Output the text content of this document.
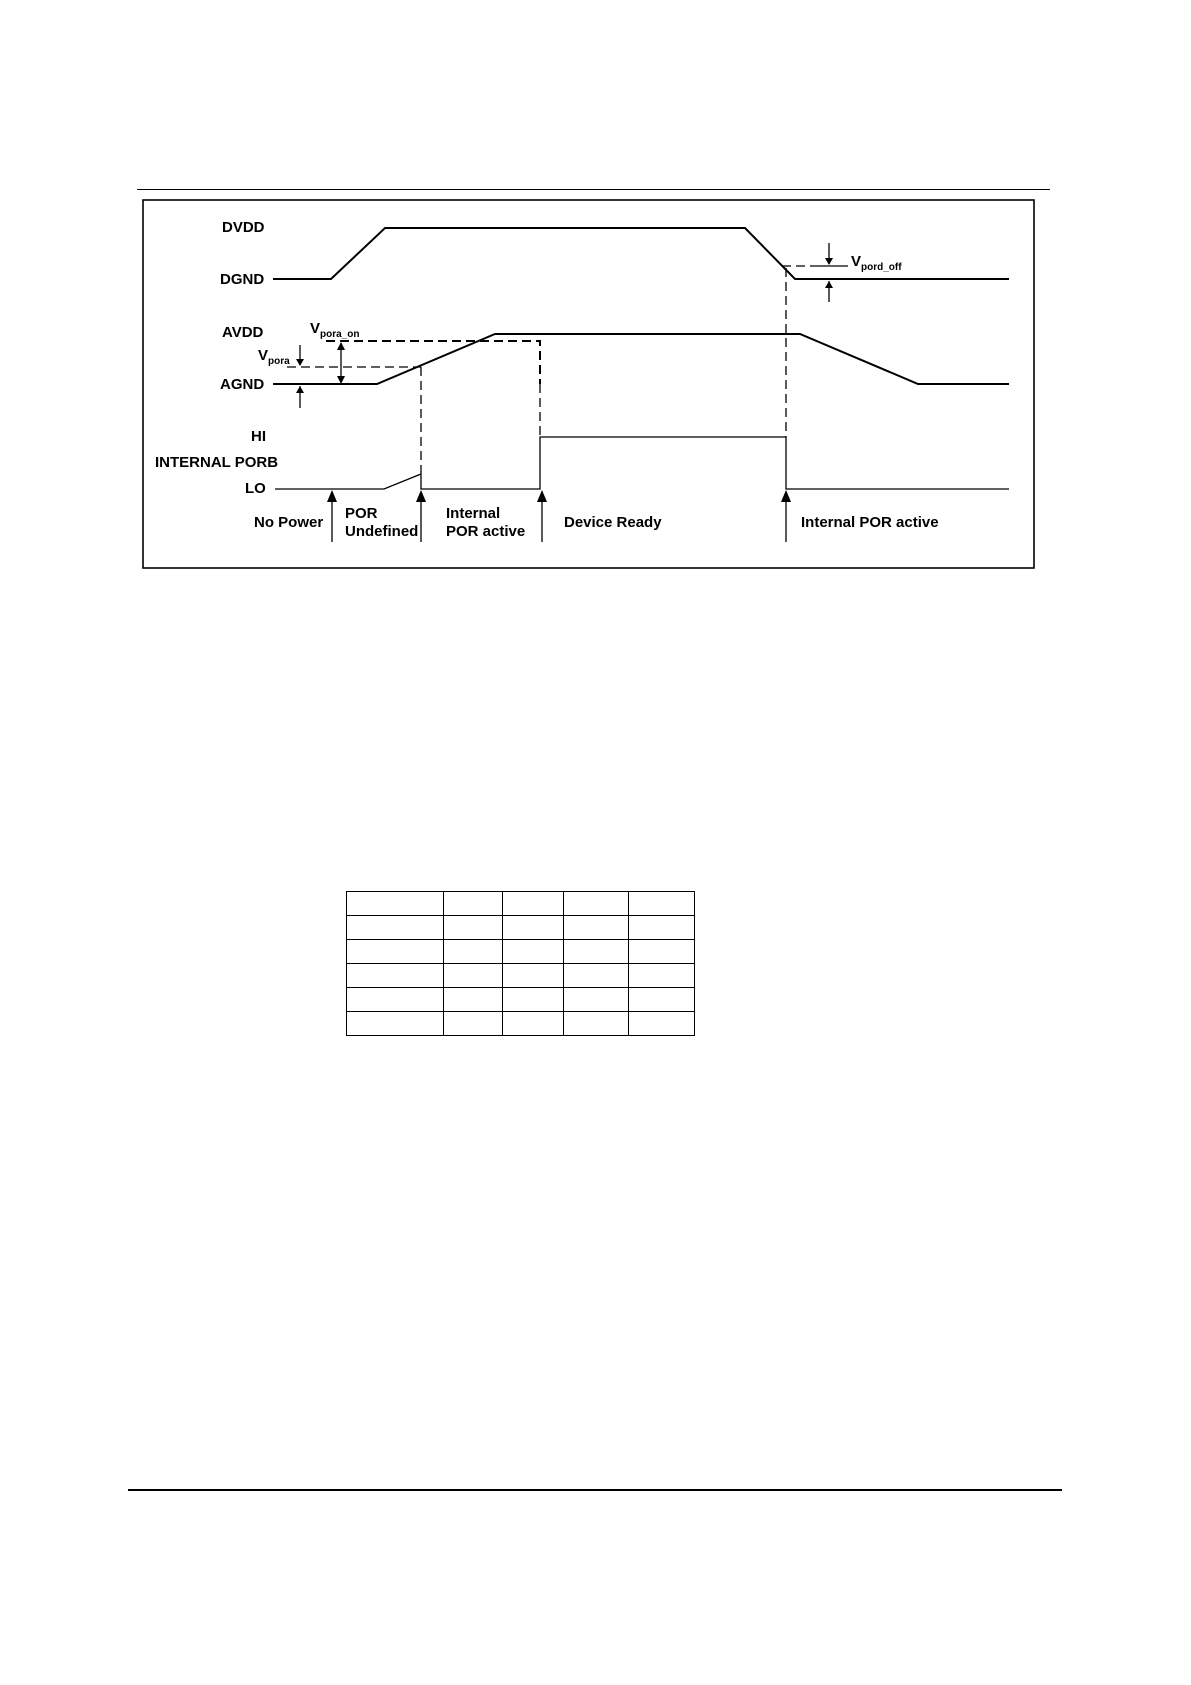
DVDD
DGND
AVDD
AGND
HI
INTERNAL PORB
LO
$V_{pora\_on}$
$V_{pora}$
$V_{pord\_off}$
No Power
POR
Undefined
Internal
POR active
Device Ready	Internal POR active
